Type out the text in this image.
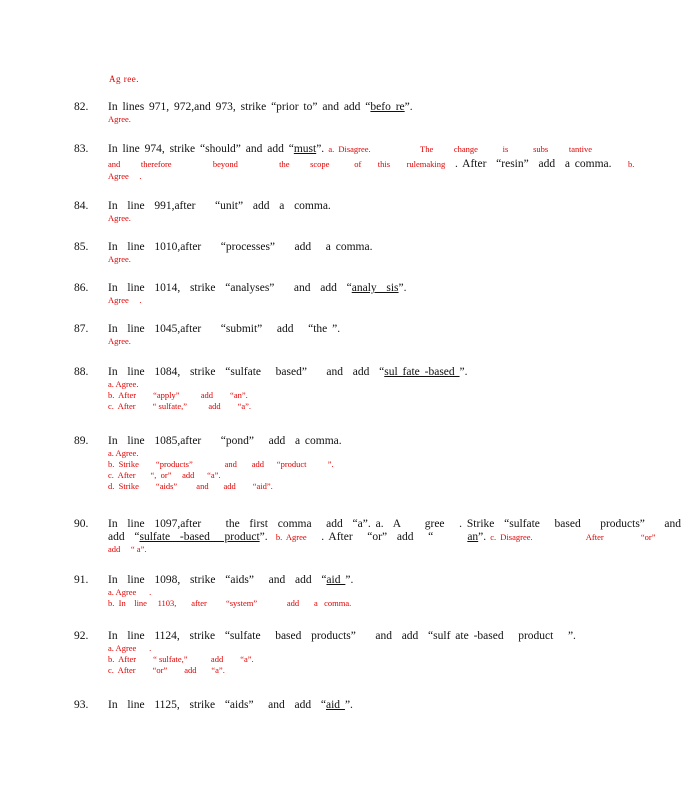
Ag ree.
82. In lines 971, 972,and 973, strike “prior to” and add “befo re”.
Agree.
83. In line 974, strike “should” and add “must”. a. Disagree.            The     change      is      subs     tantive
and     therefore          beyond          the     scope      of    this    rulemaking  . After  “resin”  add  a comma.    b.
Agree     .
84. In  line  991,after    “unit”  add  a  comma.
Agree.
85. In  line  1010,after    “processes”    add   a comma.
Agree.
86. In  line  1014,  strike  “analyses”    and  add  “analy  sis”.
Agree     .
87. In  line  1045,after    “submit”   add   “the ”.
Agree.
88. In  line  1084,  strike  “sulfate   based”    and  add  “sul fate -based ”.
a. Agree.
b.  After        “apply”          add        “an”.
c.  After        “ sulfate,”          add        “a”.
89. In  line  1085,after    “pond”   add  a comma.
a. Agree.
b.  Strike        “products”               and       add      “product          ”.
c.  After       “,  or”     add      “a”.
d.  Strike        “aids”         and       add        “aid”.
90. In  line  1097,after     the  first  comma   add  “a”. a.  A     gree   . Strike  “sulfate   based    products”    and
add  “sulfate  -based   product”.  b. Agree   . After   “or”  add   “       an”. c. Disagree.             After         “or”
add     “ a”.
91. In  line  1098,  strike  “aids”   and  add  “aid ”.
a. Agree      .
b.  In    line     1103,       after         “system”              add       a   comma.
92. In  line  1124,  strike  “sulfate   based  products”    and  add  “sulf ate -based   product   ”.
a. Agree      .
b.  After        “ sulfate,”           add        “a”.
c.  After        “or”        add       “a”.
93. In  line  1125,  strike  “aids”   and  add  “aid ”.
